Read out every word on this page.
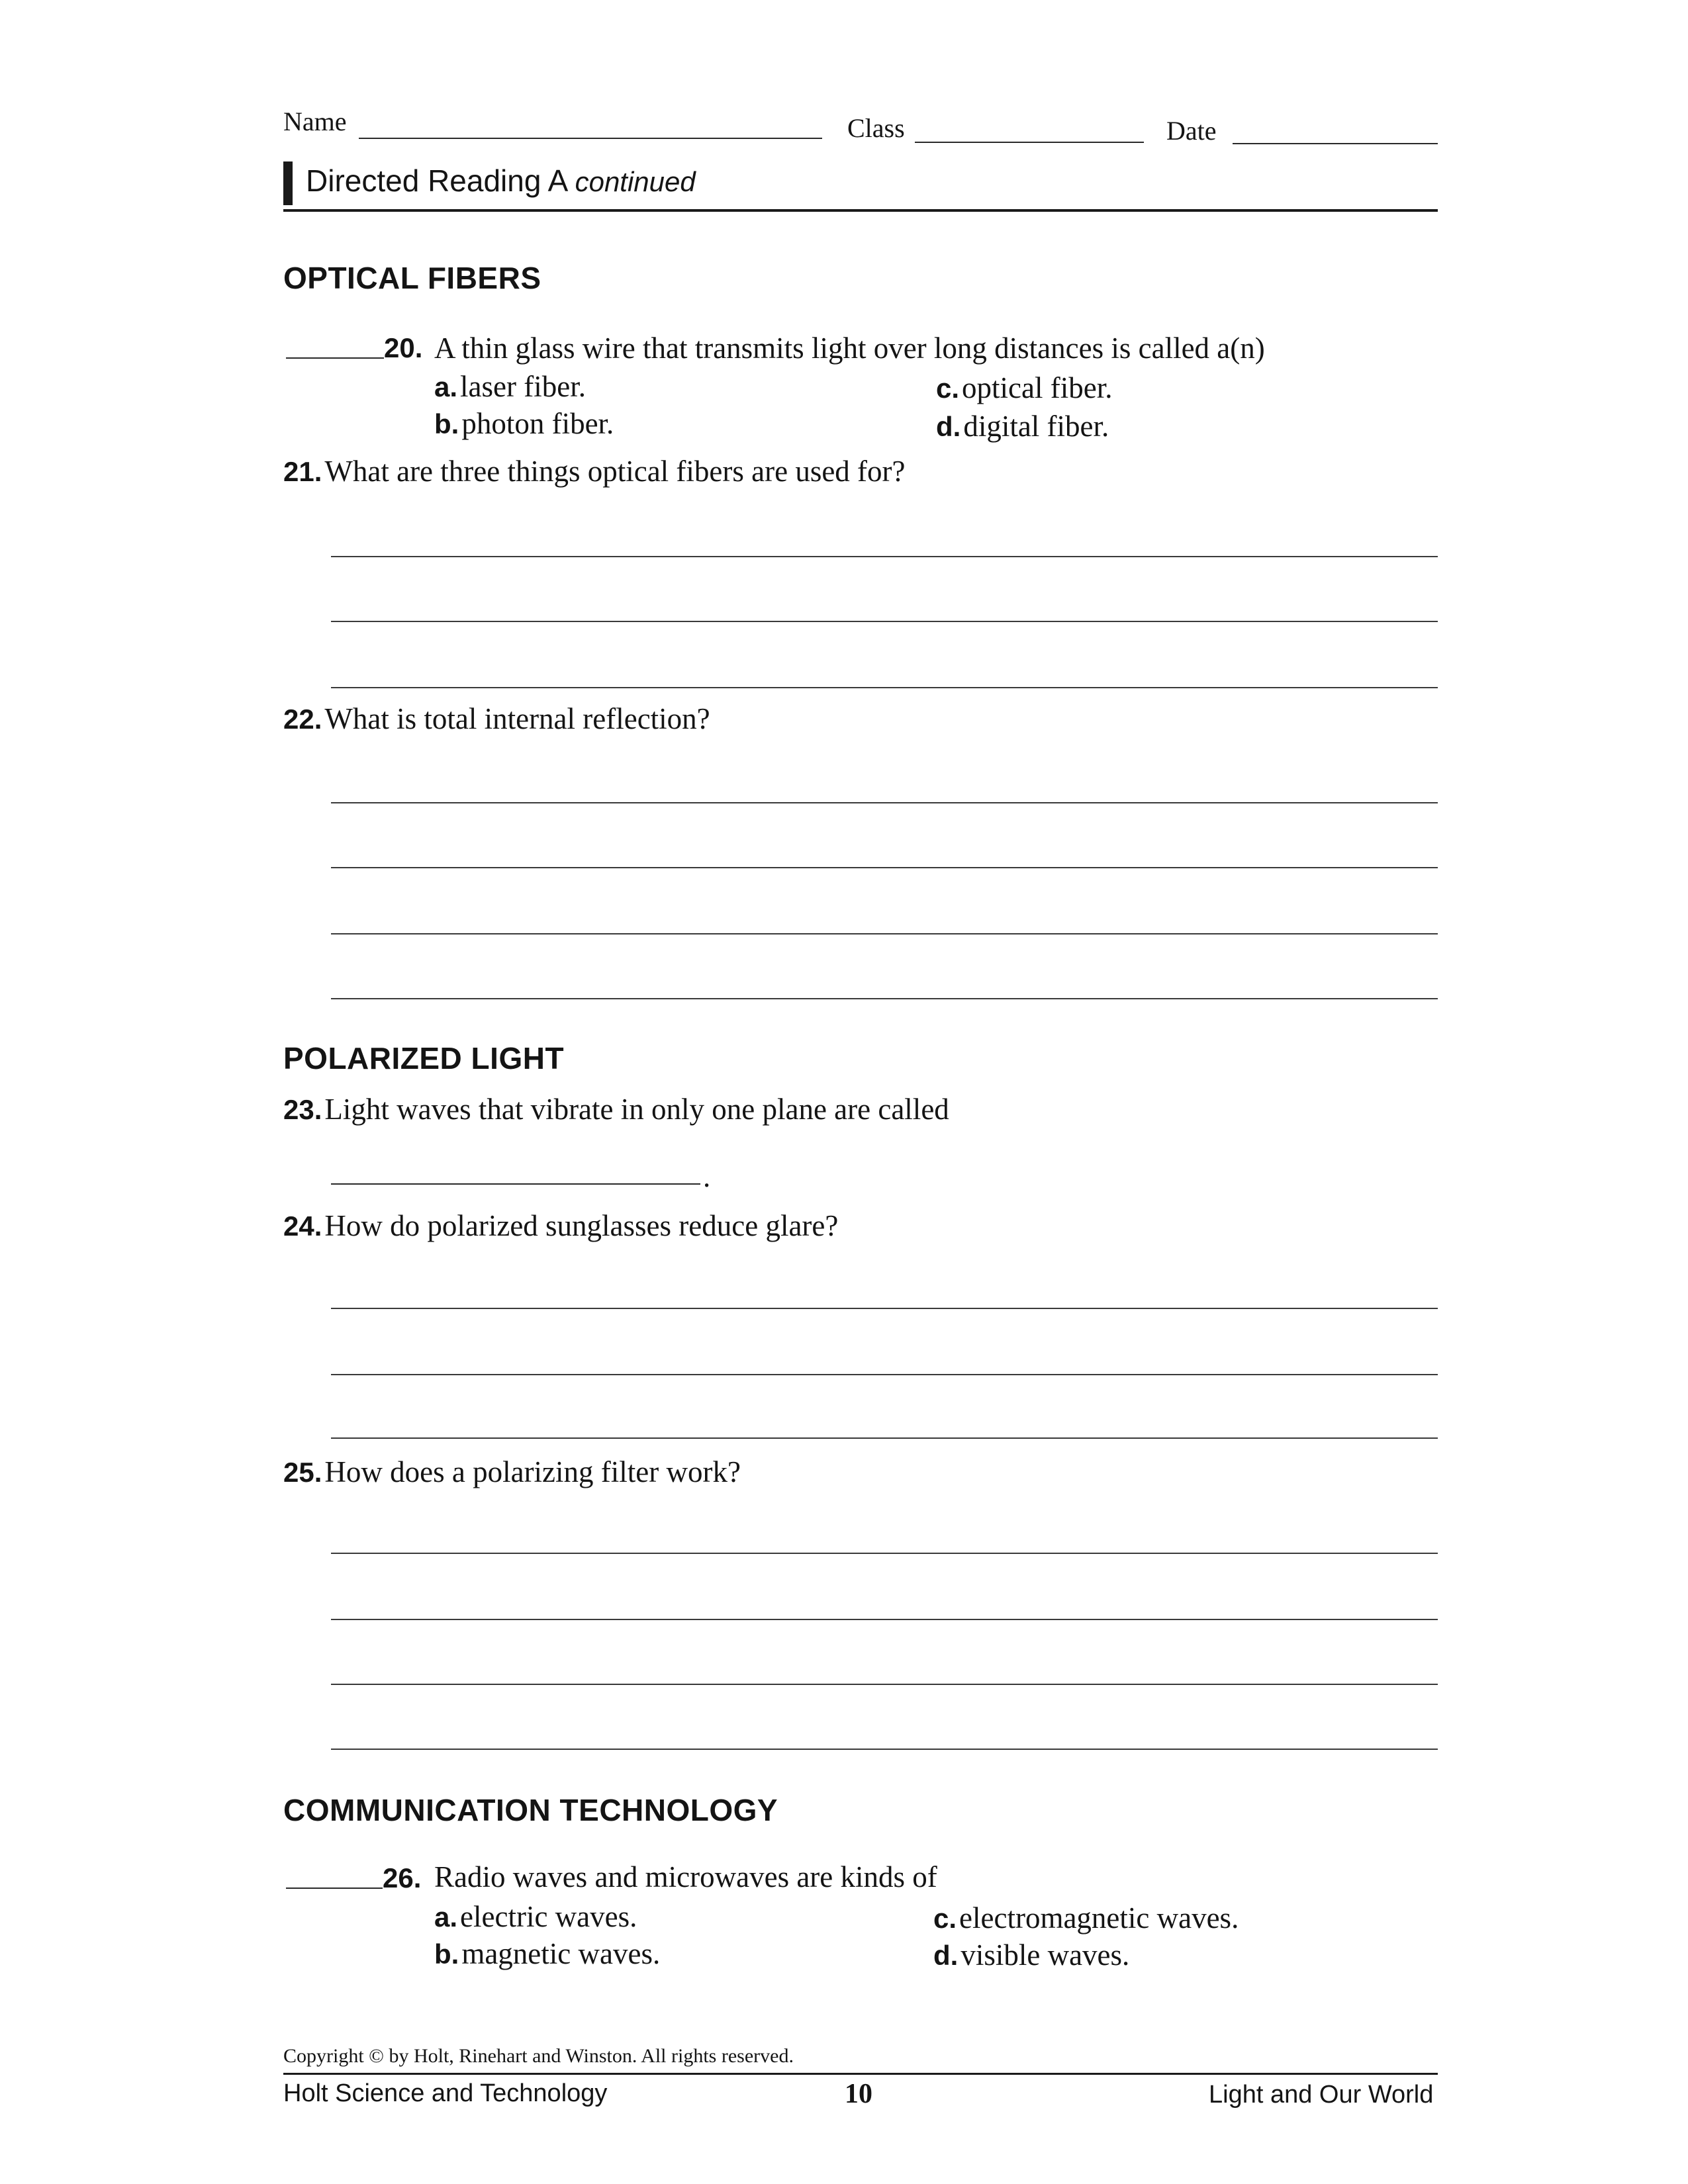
Name	Class	Date
Directed Reading A continued
OPTICAL FIBERS
20. A thin glass wire that transmits light over long distances is called a(n)
a. laser fiber.
b. photon fiber.
c. optical fiber.
d. digital fiber.
21. What are three things optical fibers are used for?
22. What is total internal reflection?
POLARIZED LIGHT
23. Light waves that vibrate in only one plane are called
.
24. How do polarized sunglasses reduce glare?
25. How does a polarizing filter work?
COMMUNICATION TECHNOLOGY
26. Radio waves and microwaves are kinds of
a. electric waves.
b. magnetic waves.
c. electromagnetic waves.
d. visible waves.
Copyright © by Holt, Rinehart and Winston. All rights reserved.
Holt Science and Technology	10	Light and Our World
